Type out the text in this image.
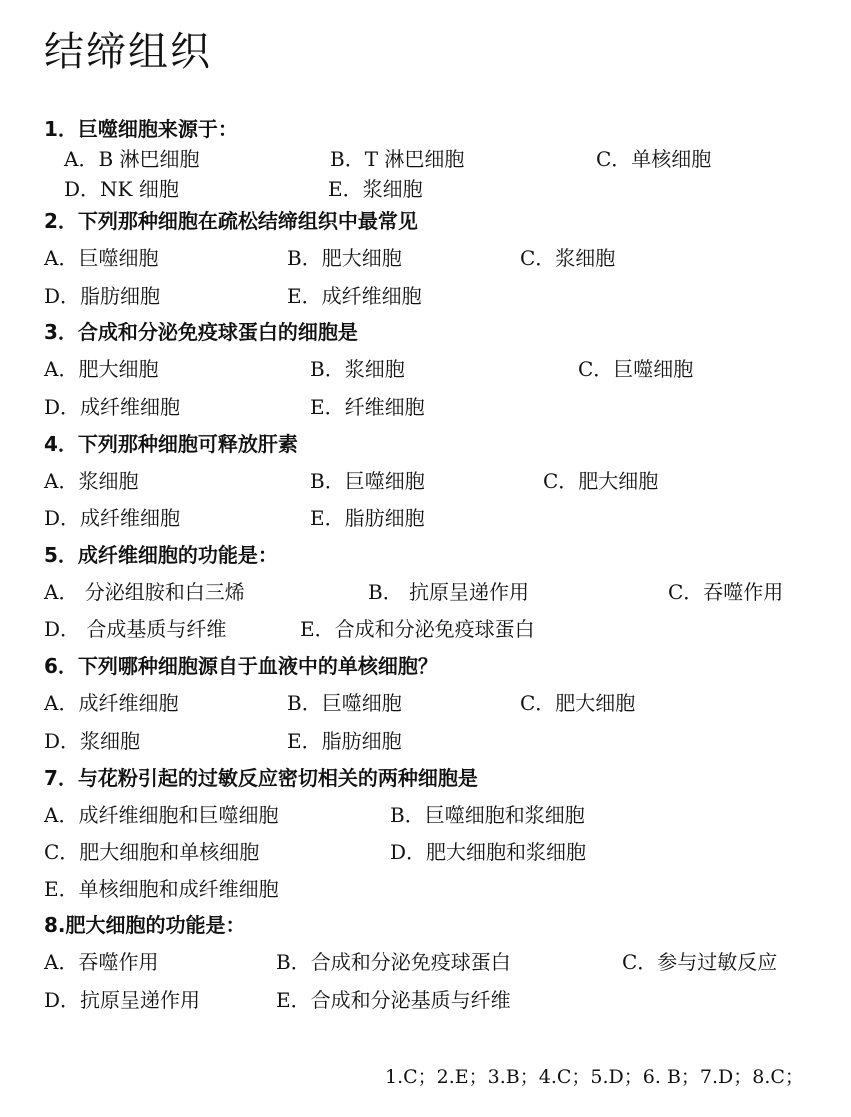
结缔组织
1．巨噬细胞来源于：
A．B 淋巴细胞	B．T 淋巴细胞	C．单核细胞
D．NK 细胞	E．浆细胞
2．下列那种细胞在疏松结缔组织中最常见
A．巨噬细胞	B．肥大细胞	C．浆细胞
D．脂肪细胞	E．成纤维细胞
3．合成和分泌免疫球蛋白的细胞是
A．肥大细胞	B．浆细胞	C．巨噬细胞
D．成纤维细胞	E．纤维细胞
4．下列那种细胞可释放肝素
A．浆细胞	B．巨噬细胞	C．肥大细胞
D．成纤维细胞	E．脂肪细胞
5．成纤维细胞的功能是：
A． 分泌组胺和白三烯	B． 抗原呈递作用	C．吞噬作用
D． 合成基质与纤维	E．合成和分泌免疫球蛋白
6．下列哪种细胞源自于血液中的单核细胞？
A．成纤维细胞	B．巨噬细胞	C．肥大细胞
D．浆细胞	E．脂肪细胞
7．与花粉引起的过敏反应密切相关的两种细胞是
A．成纤维细胞和巨噬细胞	B．巨噬细胞和浆细胞
C．肥大细胞和单核细胞	D．肥大细胞和浆细胞
E．单核细胞和成纤维细胞
8.肥大细胞的功能是：
A．吞噬作用	B．合成和分泌免疫球蛋白	C．参与过敏反应
D．抗原呈递作用	E．合成和分泌基质与纤维
1.C；2.E；3.B；4.C；5.D；6. B；7.D；8.C；
